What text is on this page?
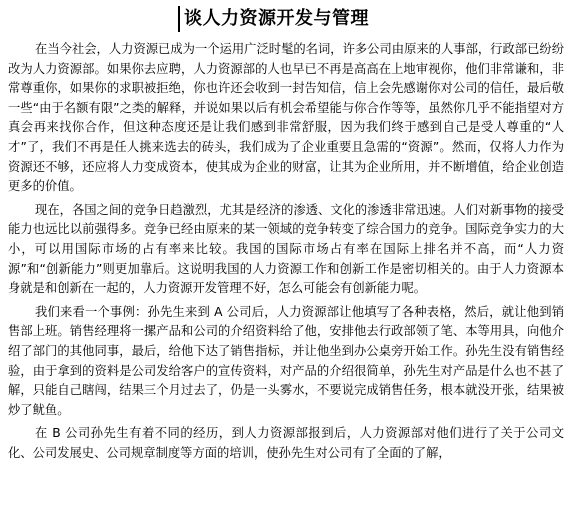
谈人力资源开发与管理

在当今社会，人力资源已成为一个运用广泛时髦的名词，许多公司由原来的人事部，行政部已纷纷改为人力资源部。如果你去应聘，人力资源部的人也早已不再是高高在上地审视你，他们非常谦和，非常尊重你，如果你的求职被拒绝，你也许还会收到一封告知信，信上会先感谢你对公司的信任，最后敬一些“由于名额有限”之类的解释，并说如果以后有机会希望能与你合作等等，虽然你几乎不能指望对方真会再来找你合作，但这种态度还是让我们感到非常舒服，因为我们终于感到自己是受人尊重的“人才”了，我们不再是任人挑来选去的砖头，我们成为了企业重要且急需的“资源”。然而，仅将人力作为资源还不够，还应将人力变成资本，使其成为企业的财富，让其为企业所用，并不断增值，给企业创造更多的价值。

现在，各国之间的竞争日趋激烈，尤其是经济的渗透、文化的渗透非常迅速。人们对新事物的接受能力也远比以前强得多。竞争已经由原来的某一领域的竞争转变了综合国力的竞争。国际竞争实力的大小，可以用国际市场的占有率来比较。我国的国际市场占有率在国际上排名并不高，而“人力资源”和“创新能力”则更加靠后。这说明我国的人力资源工作和创新工作是密切相关的。由于人力资源本身就是和创新在一起的，人力资源开发管理不好，怎么可能会有创新能力呢。

我们来看一个事例：孙先生来到 A 公司后，人力资源部让他填写了各种表格，然后，就让他到销售部上班。销售经理将一摞产品和公司的介绍资料给了他，安排他去行政部领了笔、本等用具，向他介绍了部门的其他同事，最后，给他下达了销售指标，并让他坐到办公桌旁开始工作。孙先生没有销售经验，由于拿到的资料是公司发给客户的宣传资料，对产品的介绍很简单，孙先生对产品是什么也不甚了解，只能自己瞎闯，结果三个月过去了，仍是一头雾水，不要说完成销售任务，根本就没开张，结果被炒了鱿鱼。

在 B 公司孙先生有着不同的经历，到人力资源部报到后，人力资源部对他们进行了关于公司文化、公司发展史、公司规章制度等方面的培训，使孙先生对公司有了全面的了解，
